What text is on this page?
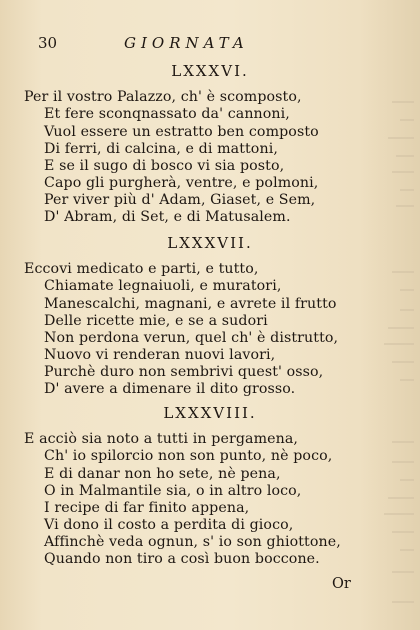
30	GIORNATA
LXXXVI.
Per il vostro Palazzo, ch' è scomposto,
Et fere sconqnassato da' cannoni,
Vuol essere un estratto ben composto
Di ferri, di calcina, e di mattoni,
E se il sugo di bosco vi sia posto,
Capo gli purgherà, ventre, e polmoni,
Per viver più d' Adam, Giaset, e Sem,
D' Abram, di Set, e di Matusalem.
LXXXVII.
Eccovi medicato e parti, e tutto,
Chiamate legnaiuoli, e muratori,
Manescalchi, magnani, e avrete il frutto
Delle ricette mie, e se a sudori
Non perdona verun, quel ch' è distrutto,
Nuovo vi renderan nuovi lavori,
Purchè duro non sembrivi quest' osso,
D' avere a dimenare il dito grosso.
LXXXVIII.
E acciò sia noto a tutti in pergamena,
Ch' io spilorcio non son punto, nè poco,
E di danar non ho sete, nè pena,
O in Malmantile sia, o in altro loco,
I recipe di far finito appena,
Vi dono il costo a perdita di gioco,
Affinchè veda ognun, s' io son ghiottone,
Quando non tiro a così buon boccone.
Or
